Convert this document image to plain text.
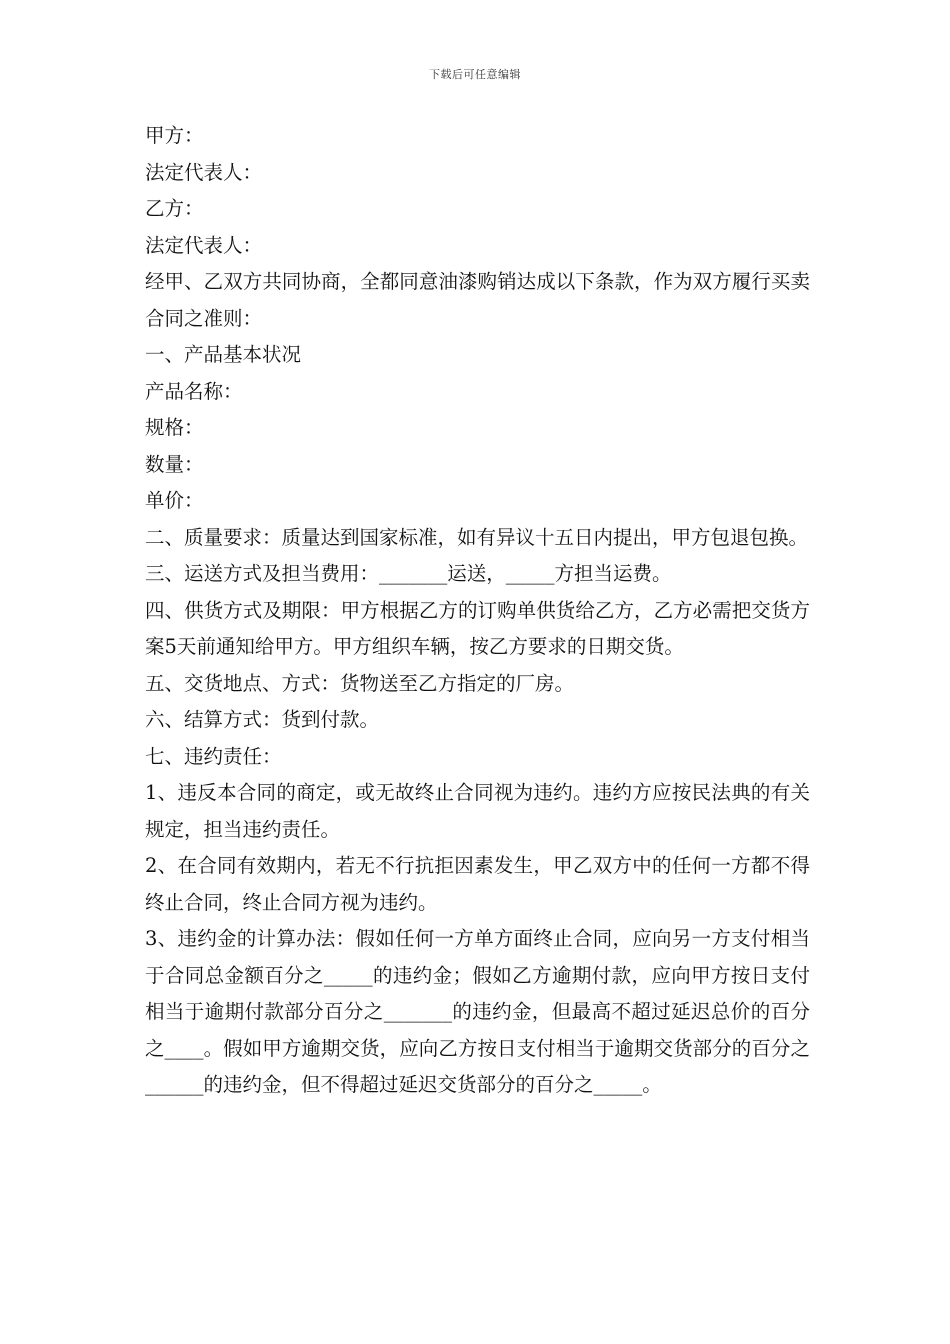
下载后可任意编辑

甲方：

法定代表人：

乙方：

法定代表人：

经甲、乙双方共同协商，全都同意油漆购销达成以下条款，作为双方履行买卖合同之准则：

一、产品基本状况

产品名称：

规格：

数量：

单价：

二、质量要求：质量达到国家标准，如有异议十五日内提出，甲方包退包换。

三、运送方式及担当费用：_______运送，_____方担当运费。

四、供货方式及期限：甲方根据乙方的订购单供货给乙方，乙方必需把交货方案5天前通知给甲方。甲方组织车辆，按乙方要求的日期交货。

五、交货地点、方式：货物送至乙方指定的厂房。

六、结算方式：货到付款。

七、违约责任：

1、违反本合同的商定，或无故终止合同视为违约。违约方应按民法典的有关规定，担当违约责任。

2、在合同有效期内，若无不行抗拒因素发生，甲乙双方中的任何一方都不得终止合同，终止合同方视为违约。

3、违约金的计算办法：假如任何一方单方面终止合同，应向另一方支付相当于合同总金额百分之_____的违约金；假如乙方逾期付款，应向甲方按日支付相当于逾期付款部分百分之_______的违约金，但最高不超过延迟总价的百分之____。假如甲方逾期交货，应向乙方按日支付相当于逾期交货部分的百分之______的违约金，但不得超过延迟交货部分的百分之_____。
